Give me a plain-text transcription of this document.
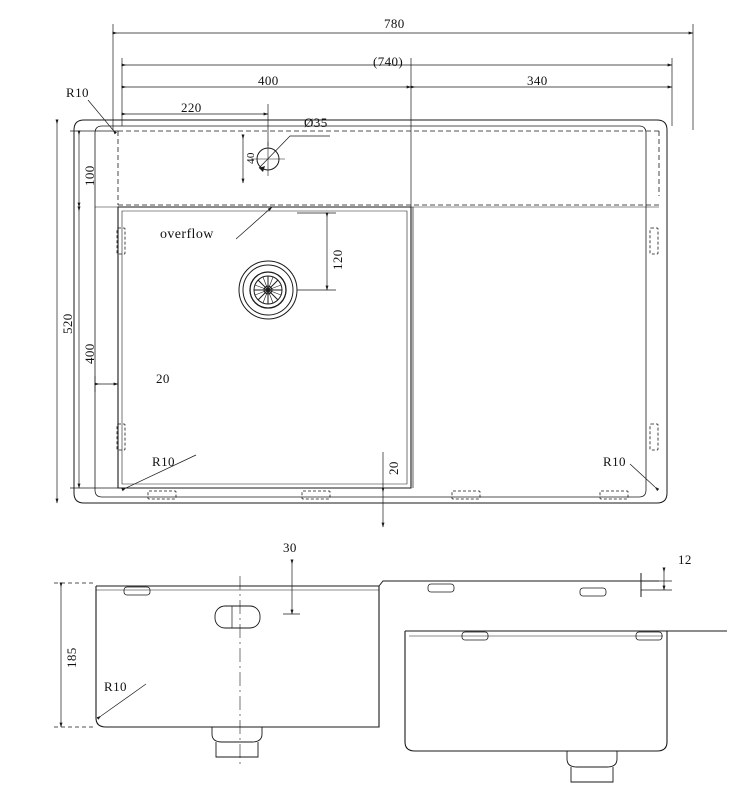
780
(740)
400	340
220
Ø35
40
100
520
400
120
20
20
R10
R10	R10
overflow
30
12
185
R10
